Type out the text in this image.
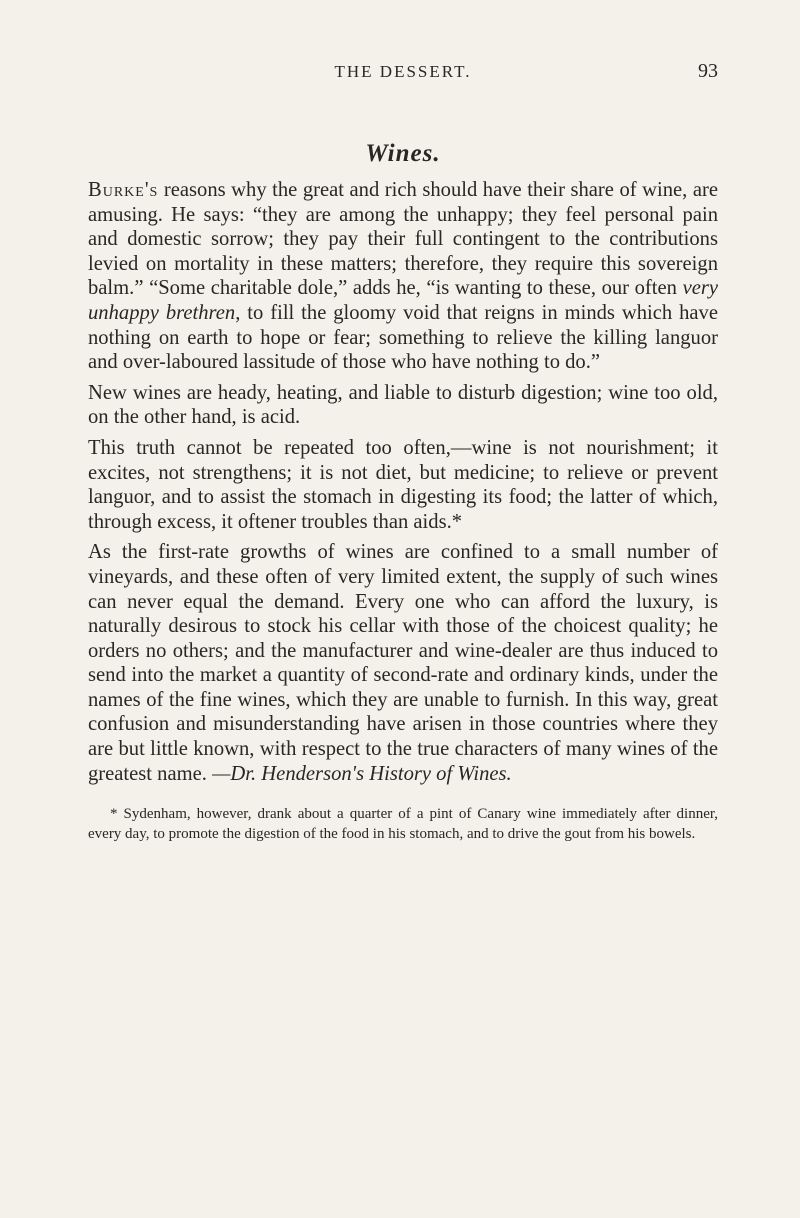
THE DESSERT.	93
Wines.

Burke's reasons why the great and rich should have their share of wine, are amusing. He says: “they are among the unhappy; they feel personal pain and domestic sorrow; they pay their full contingent to the contributions levied on mortality in these matters; therefore, they require this sovereign balm.” “Some charitable dole,” adds he, “is wanting to these, our often very unhappy brethren, to fill the gloomy void that reigns in minds which have nothing on earth to hope or fear; something to relieve the killing languor and over-laboured lassitude of those who have nothing to do.”

New wines are heady, heating, and liable to disturb digestion; wine too old, on the other hand, is acid.

This truth cannot be repeated too often,—wine is not nourishment; it excites, not strengthens; it is not diet, but medicine; to relieve or prevent languor, and to assist the stomach in digesting its food; the latter of which, through excess, it oftener troubles than aids.*

As the first-rate growths of wines are confined to a small number of vineyards, and these often of very limited extent, the supply of such wines can never equal the demand. Every one who can afford the luxury, is naturally desirous to stock his cellar with those of the choicest quality; he orders no others; and the manufacturer and wine-dealer are thus induced to send into the market a quantity of second-rate and ordinary kinds, under the names of the fine wines, which they are unable to furnish. In this way, great confusion and misunderstanding have arisen in those countries where they are but little known, with respect to the true characters of many wines of the greatest name. —Dr. Henderson's History of Wines.

* Sydenham, however, drank about a quarter of a pint of Canary wine immediately after dinner, every day, to promote the digestion of the food in his stomach, and to drive the gout from his bowels.
